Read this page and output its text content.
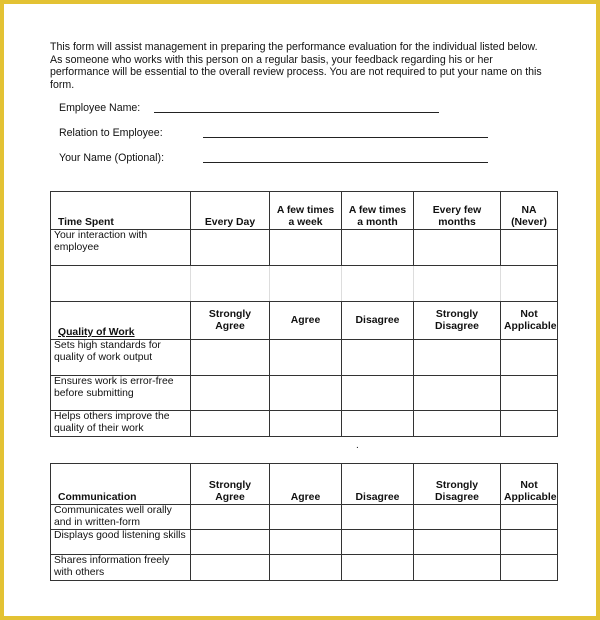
This form will assist management in preparing the performance evaluation for the individual listed below.
As someone who works with this person on a regular basis, your feedback regarding his or her
performance will be essential to the overall review process. You are not required to put your name on this
form.
Employee Name:
Relation to Employee:
Your Name (Optional):
Time Spent	Every Day	A few times a week	A few times a month	Every few months	NA (Never)
Your interaction with employee					

Quality of Work	Strongly Agree	Agree	Disagree	Strongly Disagree	Not Applicable
Sets high standards for quality of work output					
Ensures work is error-free before submitting					
Helps others improve the quality of their work					
.
Communication	Strongly Agree	Agree	Disagree	Strongly Disagree	Not Applicable
Communicates well orally and in written-form					
Displays good listening skills					
Shares information freely with others					
